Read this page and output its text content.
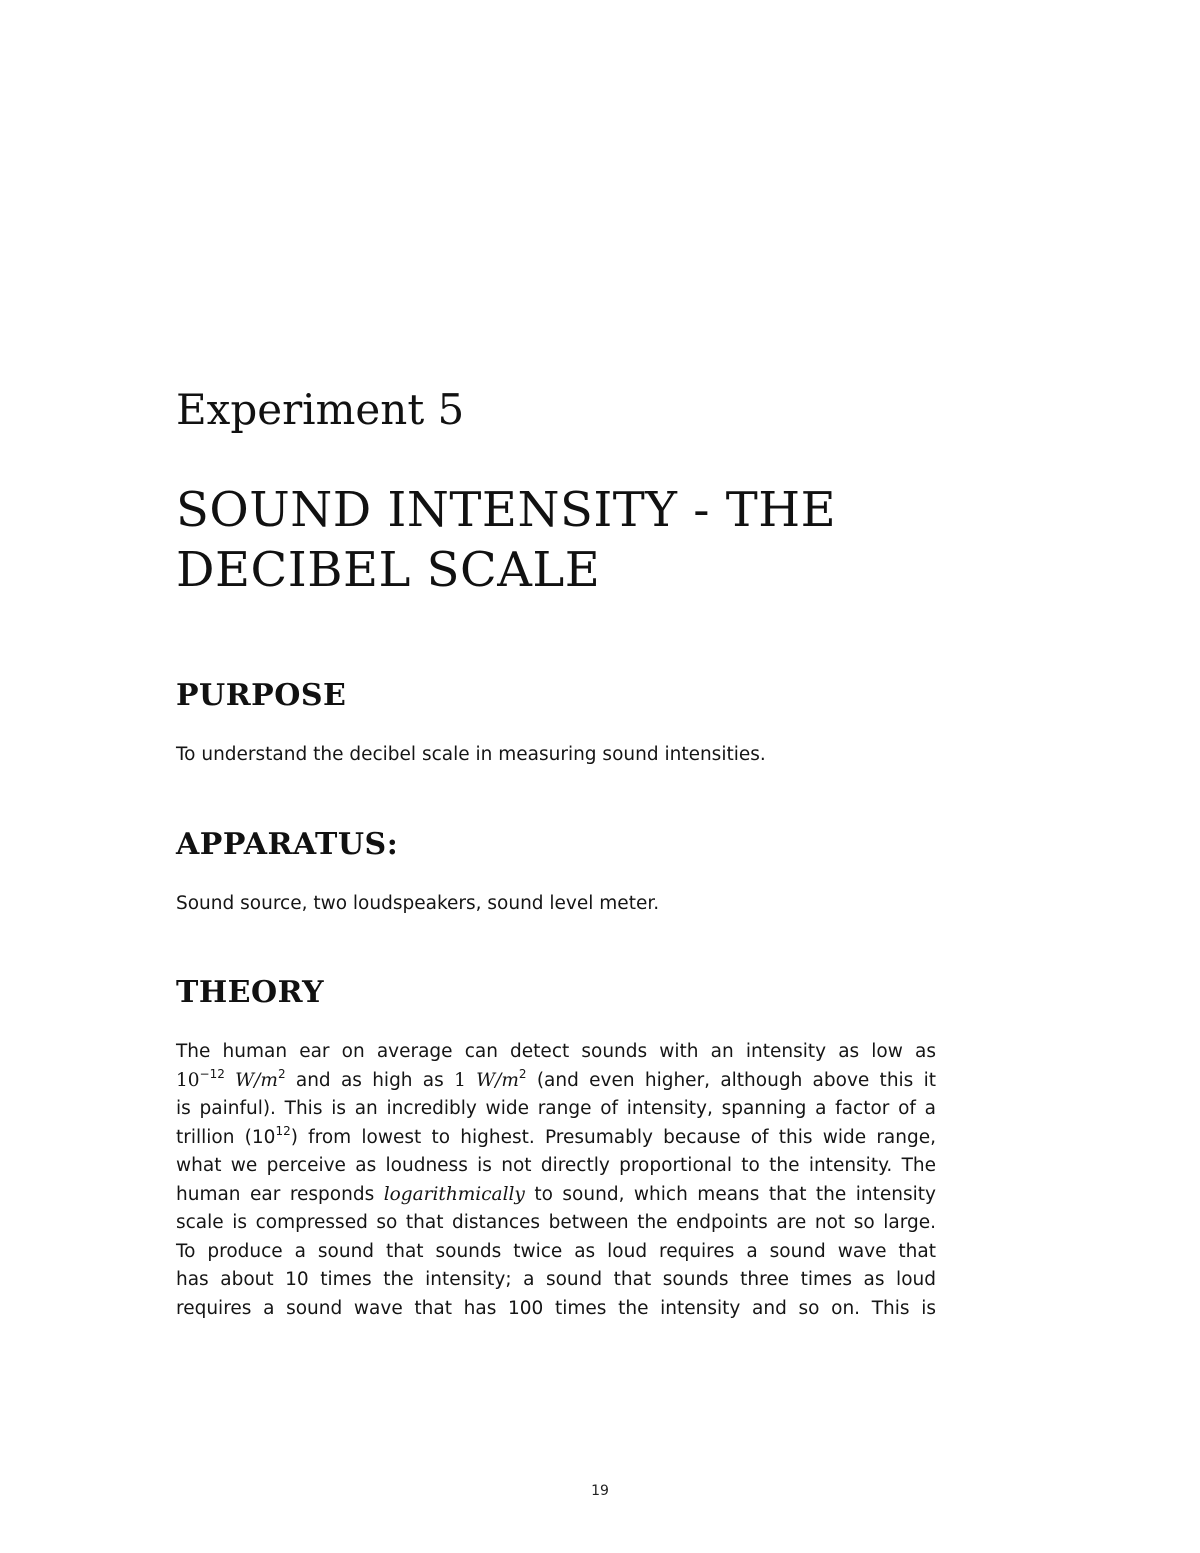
Experiment 5
SOUND INTENSITY - THE DECIBEL SCALE
PURPOSE

To understand the decibel scale in measuring sound intensities.

APPARATUS:

Sound source, two loudspeakers, sound level meter.

THEORY
The human ear on average can detect sounds with an intensity as low as
$10^{-12}$ $W/m^2$ and as high as 1 $W/m^2$ (and even higher, although above this it
is painful). This is an incredibly wide range of intensity, spanning a factor of a
trillion $(10^{12})$ from lowest to highest. Presumably because of this wide range,
what we perceive as loudness is not directly proportional to the intensity. The
human ear responds logarithmically to sound, which means that the intensity
scale is compressed so that distances between the endpoints are not so large.
To produce a sound that sounds twice as loud requires a sound wave that
has about 10 times the intensity; a sound that sounds three times as loud
requires a sound wave that has 100 times the intensity and so on. This is
19
